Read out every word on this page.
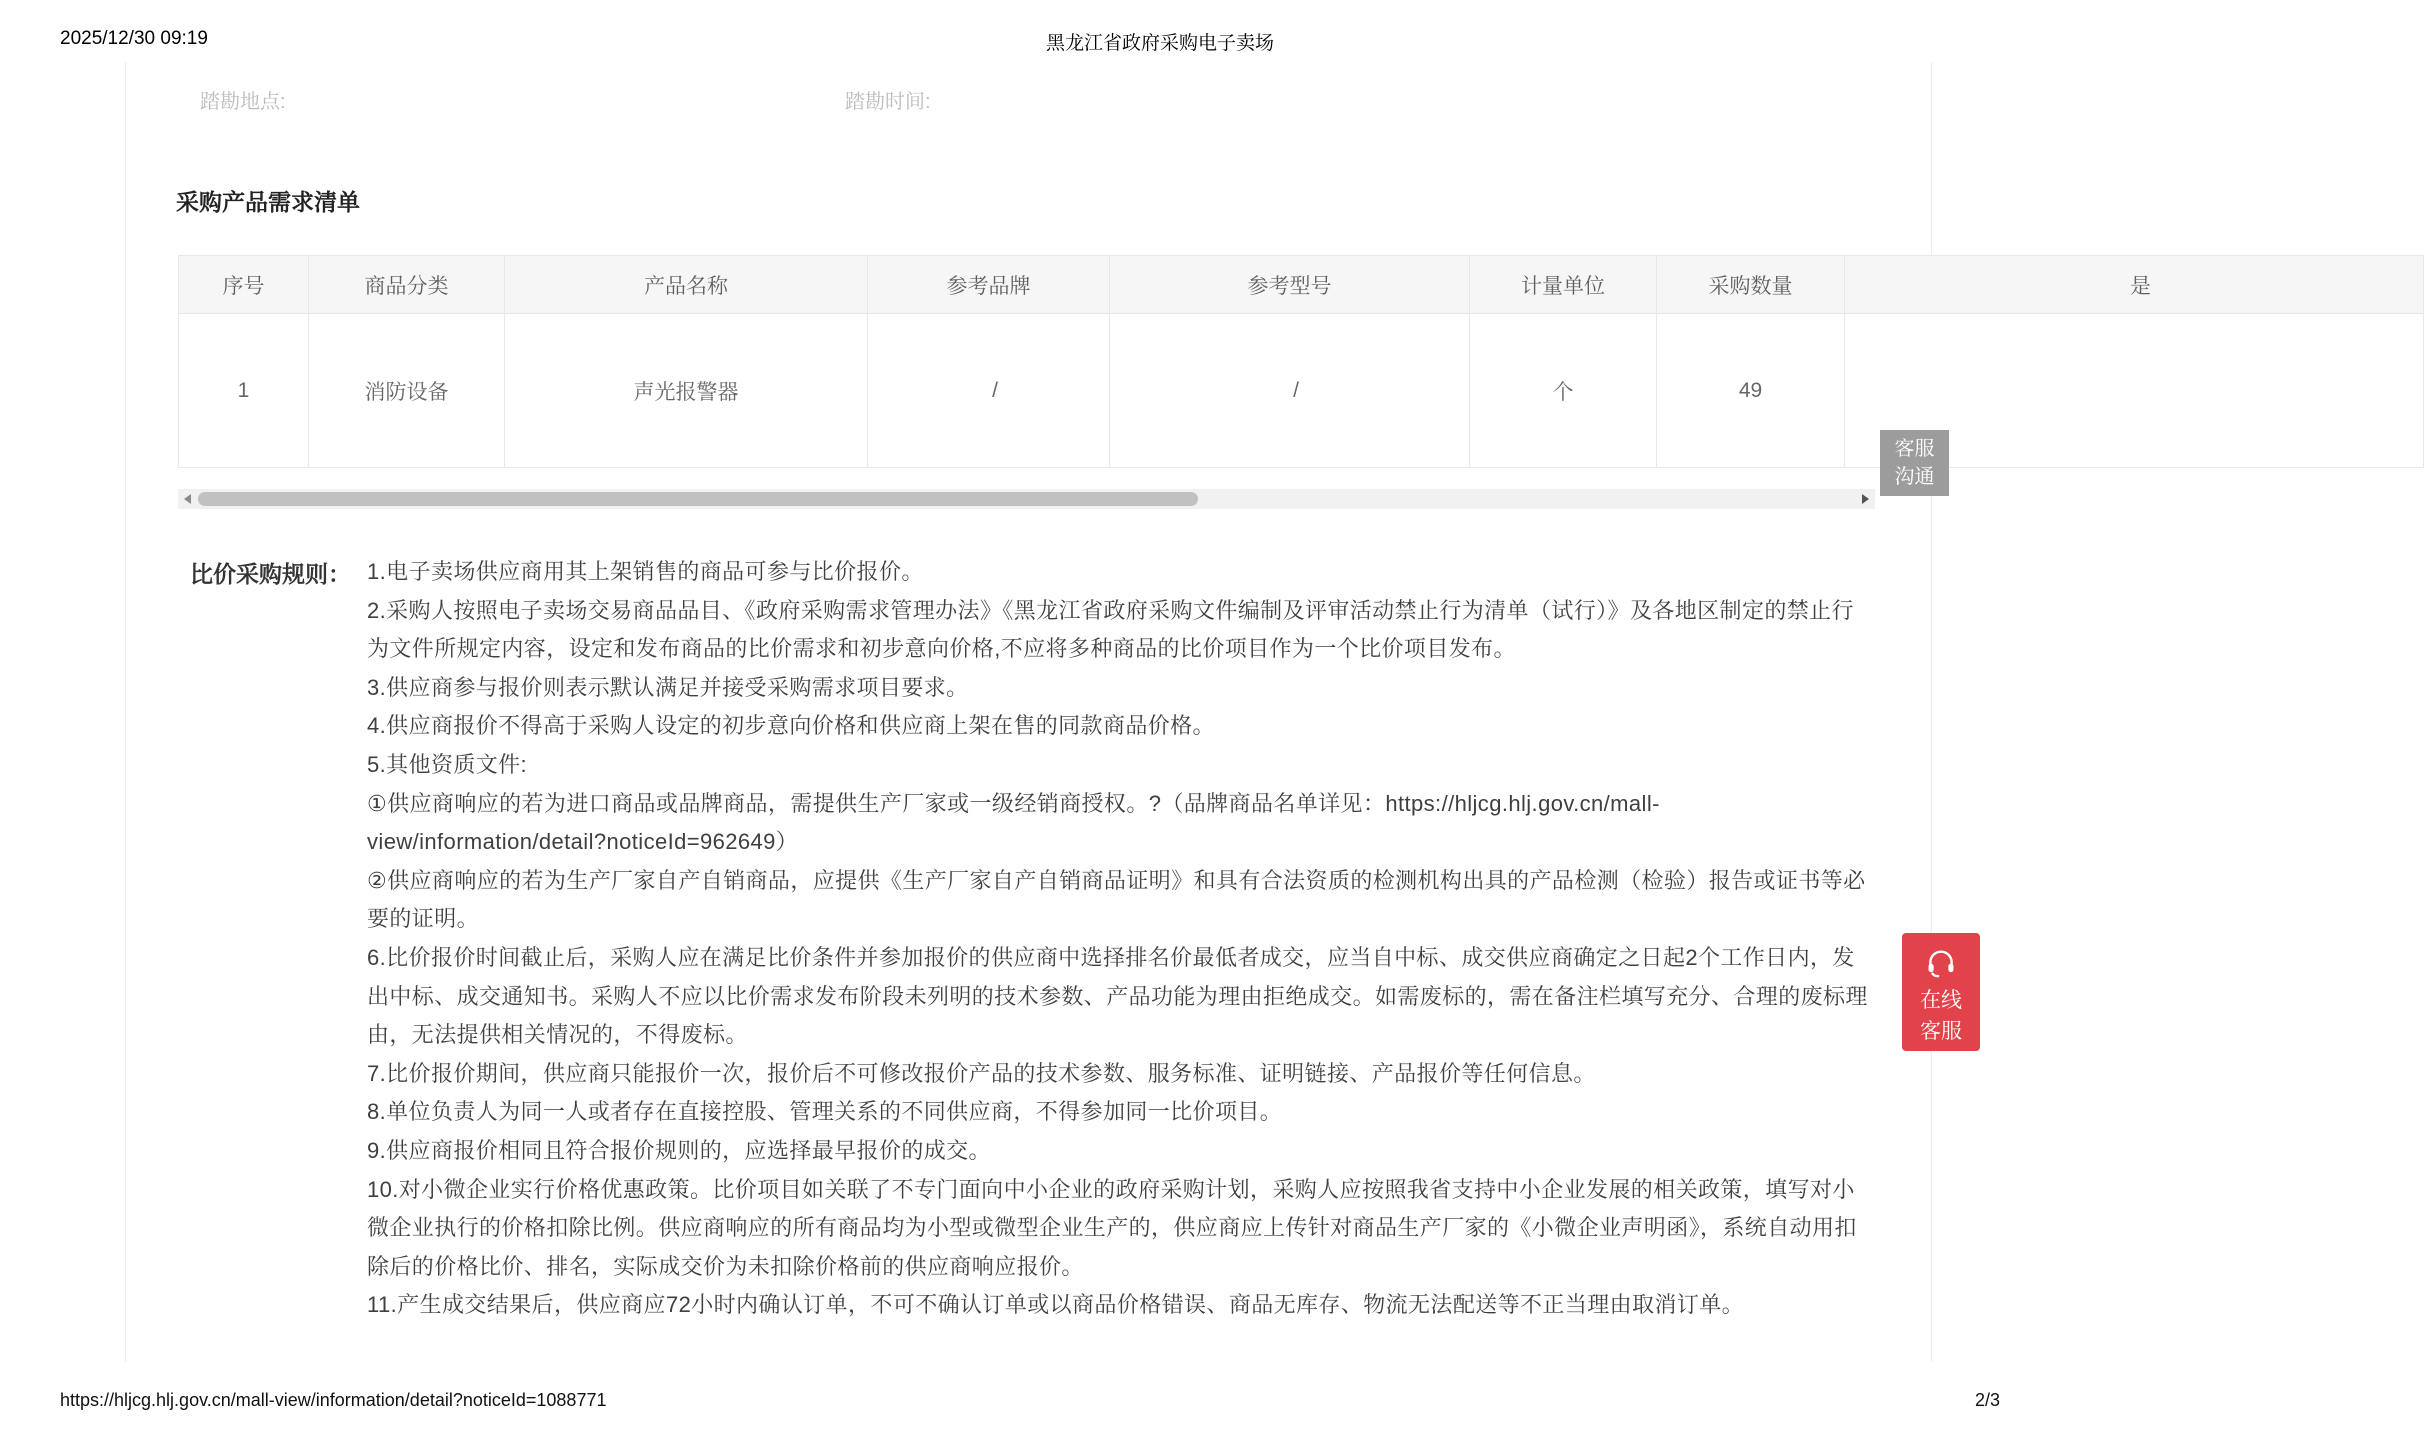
2025/12/30 09:19	黑龙江省政府采购电子卖场
踏勘地点:	踏勘时间:
采购产品需求清单
序号	商品分类	产品名称	参考品牌	参考型号	计量单位	采购数量	是
1	消防设备	声光报警器	/	/	个	49	
比价采购规则： 1.电子卖场供应商用其上架销售的商品可参与比价报价。
2.采购人按照电子卖场交易商品品目、《政府采购需求管理办法》《黑龙江省政府采购文件编制及评审活动禁止行为清单（试行）》及各地区制定的禁止行为文件所规定内容，设定和发布商品的比价需求和初步意向价格,不应将多种商品的比价项目作为一个比价项目发布。
3.供应商参与报价则表示默认满足并接受采购需求项目要求。
4.供应商报价不得高于采购人设定的初步意向价格和供应商上架在售的同款商品价格。
5.其他资质文件:
①供应商响应的若为进口商品或品牌商品，需提供生产厂家或一级经销商授权。?（品牌商品名单详见：https://hljcg.hlj.gov.cn/mall-view/information/detail?noticeId=962649）
②供应商响应的若为生产厂家自产自销商品，应提供《生产厂家自产自销商品证明》和具有合法资质的检测机构出具的产品检测（检验）报告或证书等必要的证明。
6.比价报价时间截止后，采购人应在满足比价条件并参加报价的供应商中选择排名价最低者成交，应当自中标、成交供应商确定之日起2个工作日内，发出中标、成交通知书。采购人不应以比价需求发布阶段未列明的技术参数、产品功能为理由拒绝成交。如需废标的，需在备注栏填写充分、合理的废标理由，无法提供相关情况的，不得废标。
7.比价报价期间，供应商只能报价一次，报价后不可修改报价产品的技术参数、服务标准、证明链接、产品报价等任何信息。
8.单位负责人为同一人或者存在直接控股、管理关系的不同供应商，不得参加同一比价项目。
9.供应商报价相同且符合报价规则的，应选择最早报价的成交。
10.对小微企业实行价格优惠政策。比价项目如关联了不专门面向中小企业的政府采购计划，采购人应按照我省支持中小企业发展的相关政策，填写对小微企业执行的价格扣除比例。供应商响应的所有商品均为小型或微型企业生产的，供应商应上传针对商品生产厂家的《小微企业声明函》，系统自动用扣除后的价格比价、排名，实际成交价为未扣除价格前的供应商响应报价。
11.产生成交结果后，供应商应72小时内确认订单，不可不确认订单或以商品价格错误、商品无库存、物流无法配送等不正当理由取消订单。
客服
沟通
在线
客服
https://hljcg.hlj.gov.cn/mall-view/information/detail?noticeId=1088771	2/3
